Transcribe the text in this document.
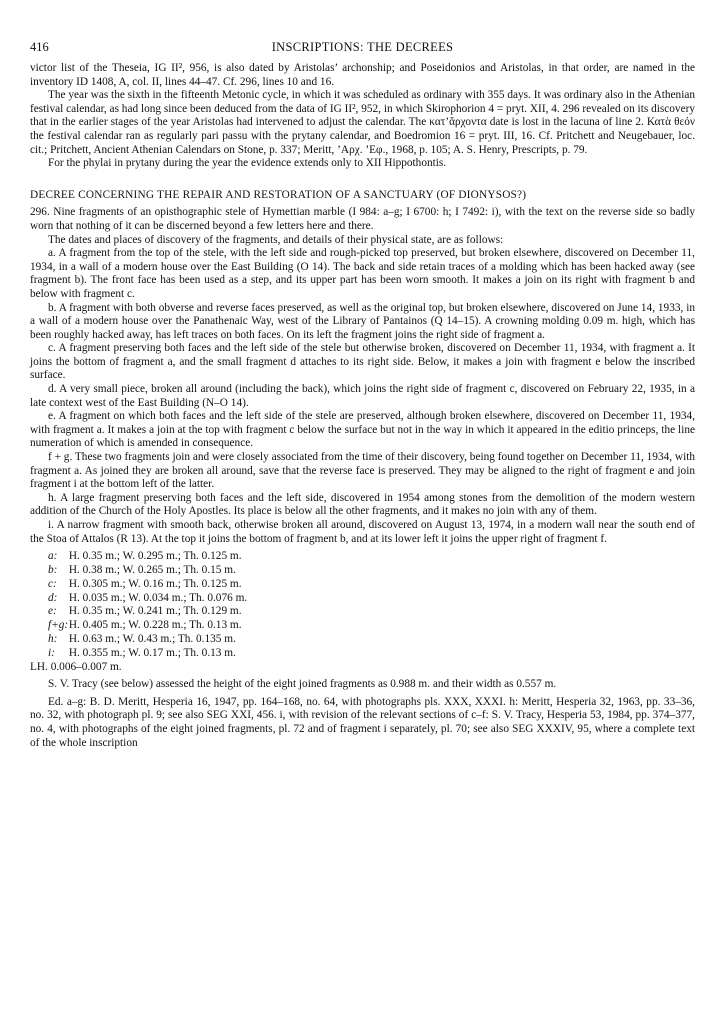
416	INSCRIPTIONS: THE DECREES

victor list of the Theseia, IG II², 956, is also dated by Aristolas’ archonship; and Poseidonios and Aristolas, in that order, are named in the inventory ID 1408, A, col. II, lines 44–47. Cf. 296, lines 10 and 16.

The year was the sixth in the fifteenth Metonic cycle, in which it was scheduled as ordinary with 355 days. It was ordinary also in the Athenian festival calendar, as had long since been deduced from the data of IG II², 952, in which Skirophorion 4 = pryt. XII, 4. 296 revealed on its discovery that in the earlier stages of the year Aristolas had intervened to adjust the calendar. The κατ’ἄρχοντα date is lost in the lacuna of line 2. Κατὰ θεόν the festival calendar ran as regularly pari passu with the prytany calendar, and Boedromion 16 = pryt. III, 16. Cf. Pritchett and Neugebauer, loc. cit.; Pritchett, Ancient Athenian Calendars on Stone, p. 337; Meritt, ’Αρχ. ’Εφ., 1968, p. 105; A. S. Henry, Prescripts, p. 79.

For the phylai in prytany during the year the evidence extends only to XII Hippothontis.

DECREE CONCERNING THE REPAIR AND RESTORATION OF A SANCTUARY (OF DIONYSOS?)

296. Nine fragments of an opisthographic stele of Hymettian marble (I 984: a–g; I 6700: h; I 7492: i), with the text on the reverse side so badly worn that nothing of it can be discerned beyond a few letters here and there.

The dates and places of discovery of the fragments, and details of their physical state, are as follows:

a. A fragment from the top of the stele, with the left side and rough-picked top preserved, but broken elsewhere, discovered on December 11, 1934, in a wall of a modern house over the East Building (O 14). The back and side retain traces of a molding which has been hacked away (see fragment b). The front face has been used as a step, and its upper part has been worn smooth. It makes a join on its right with fragment b and below with fragment c.

b. A fragment with both obverse and reverse faces preserved, as well as the original top, but broken elsewhere, discovered on June 14, 1933, in a wall of a modern house over the Panathenaic Way, west of the Library of Pantainos (Q 14–15). A crowning molding 0.09 m. high, which has been roughly hacked away, has left traces on both faces. On its left the fragment joins the right side of fragment a.

c. A fragment preserving both faces and the left side of the stele but otherwise broken, discovered on December 11, 1934, with fragment a. It joins the bottom of fragment a, and the small fragment d attaches to its right side. Below, it makes a join with fragment e below the inscribed surface.

d. A very small piece, broken all around (including the back), which joins the right side of fragment c, discovered on February 22, 1935, in a late context west of the East Building (N–O 14).

e. A fragment on which both faces and the left side of the stele are preserved, although broken elsewhere, discovered on December 11, 1934, with fragment a. It makes a join at the top with fragment c below the surface but not in the way in which it appeared in the editio princeps, the line numeration of which is amended in consequence.

f + g. These two fragments join and were closely associated from the time of their discovery, being found together on December 11, 1934, with fragment a. As joined they are broken all around, save that the reverse face is preserved. They may be aligned to the right of fragment e and join fragment i at the bottom left of the latter.

h. A large fragment preserving both faces and the left side, discovered in 1954 among stones from the demolition of the modern western addition of the Church of the Holy Apostles. Its place is below all the other fragments, and it makes no join with any of them.

i. A narrow fragment with smooth back, otherwise broken all around, discovered on August 13, 1974, in a modern wall near the south end of the Stoa of Attalos (R 13). At the top it joins the bottom of fragment b, and at its lower left it joins the upper right of fragment f.

a: H. 0.35 m.; W. 0.295 m.; Th. 0.125 m.
b: H. 0.38 m.; W. 0.265 m.; Th. 0.15 m.
c: H. 0.305 m.; W. 0.16 m.; Th. 0.125 m.
d: H. 0.035 m.; W. 0.034 m.; Th. 0.076 m.
e: H. 0.35 m.; W. 0.241 m.; Th. 0.129 m.
f+g: H. 0.405 m.; W. 0.228 m.; Th. 0.13 m.
h: H. 0.63 m.; W. 0.43 m.; Th. 0.135 m.
i: H. 0.355 m.; W. 0.17 m.; Th. 0.13 m.

LH. 0.006–0.007 m.

S. V. Tracy (see below) assessed the height of the eight joined fragments as 0.988 m. and their width as 0.557 m.

Ed. a–g: B. D. Meritt, Hesperia 16, 1947, pp. 164–168, no. 64, with photographs pls. XXX, XXXI. h: Meritt, Hesperia 32, 1963, pp. 33–36, no. 32, with photograph pl. 9; see also SEG XXI, 456. i, with revision of the relevant sections of c–f: S. V. Tracy, Hesperia 53, 1984, pp. 374–377, no. 4, with photographs of the eight joined fragments, pl. 72 and of fragment i separately, pl. 70; see also SEG XXXIV, 95, where a complete text of the whole inscription
